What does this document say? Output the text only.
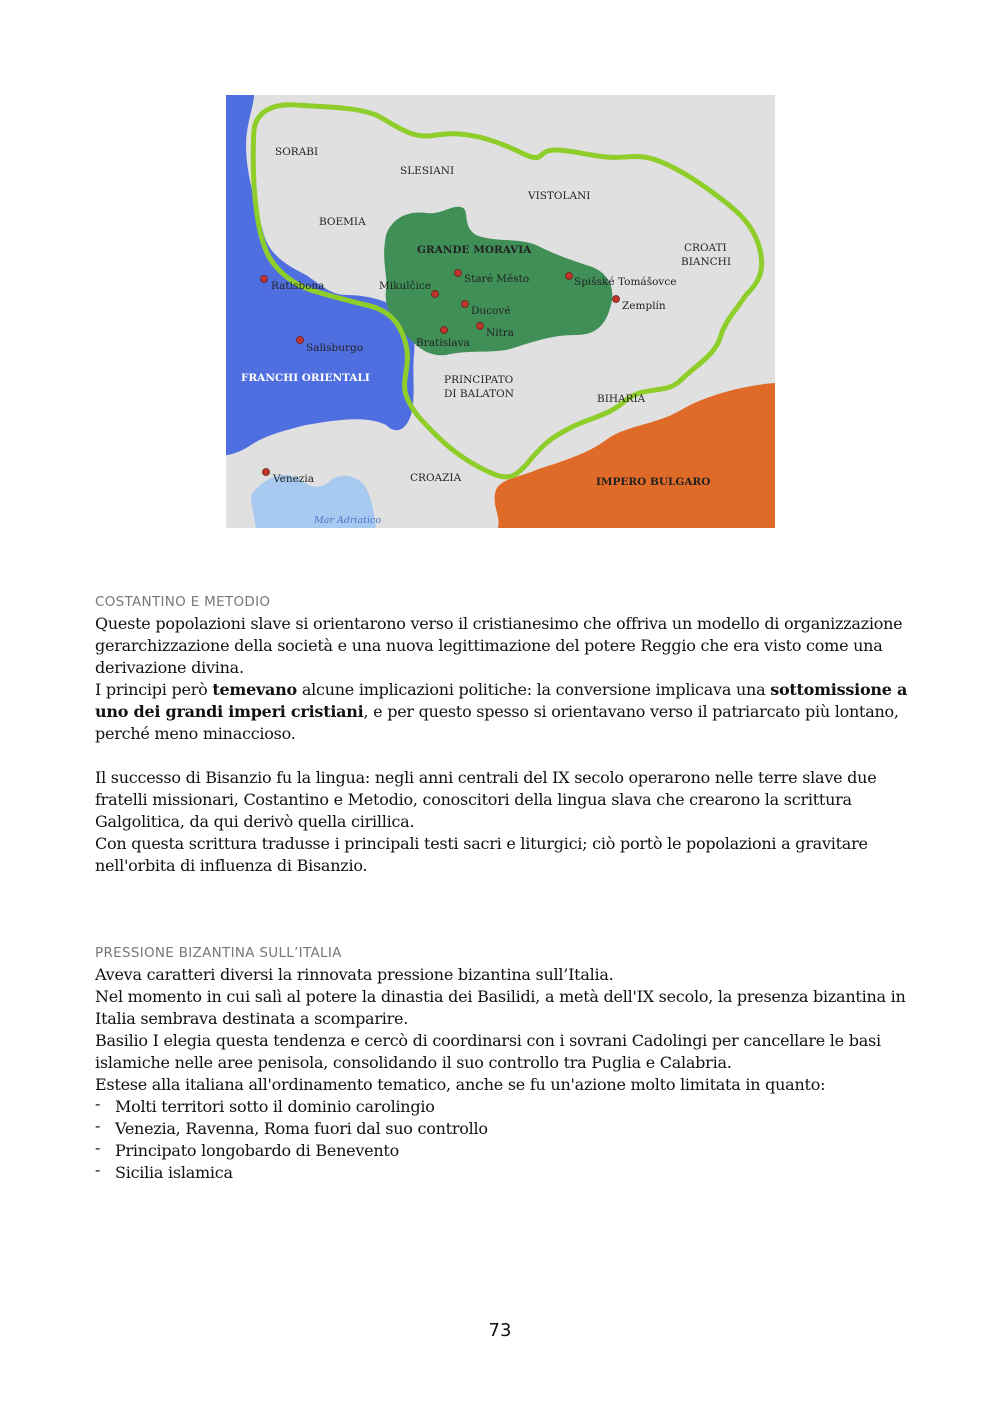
SORABI
SLESIANI
VISTOLANI
BOEMIA
GRANDE MORAVIA	CROATI
BIANCHI
FRANCHI ORIENTALI	PRINCIPATO
DI BALATON	BIHARIA
CROAZIA	IMPERO BULGARO
Mar Adriatico
Ratisbona
Salisburgo
Mikulčice
Staré Město
Ducové
Nitra
Bratislava
Spišské Tomášovce
Zemplín
Venezia
COSTANTINO E METODIO

Queste popolazioni slave si orientarono verso il cristianesimo che offriva un modello di organizzazione gerarchizzazione della società e una nuova legittimazione del potere Reggio che era visto come una derivazione divina.

I principi però temevano alcune implicazioni politiche: la conversione implicava una sottomissione a uno dei grandi imperi cristiani, e per questo spesso si orientavano verso il patriarcato più lontano, perché meno minaccioso.

Il successo di Bisanzio fu la lingua: negli anni centrali del IX secolo operarono nelle terre slave due fratelli missionari, Costantino e Metodio, conoscitori della lingua slava che crearono la scrittura Galgolitica, da qui derivò quella cirillica.

Con questa scrittura tradusse i principali testi sacri e liturgici; ciò portò le popolazioni a gravitare nell'orbita di influenza di Bisanzio.

PRESSIONE BIZANTINA SULL’ITALIA

Aveva caratteri diversi la rinnovata pressione bizantina sull’Italia.

Nel momento in cui salì al potere la dinastia dei Basilidi, a metà dell'IX secolo, la presenza bizantina in Italia sembrava destinata a scomparire.

Basilio I elegia questa tendenza e cercò di coordinarsi con i sovrani Cadolingi per cancellare le basi islamiche nelle aree penisola, consolidando il suo controllo tra Puglia e Calabria.

Estese alla italiana all'ordinamento tematico, anche se fu un'azione molto limitata in quanto:

- Molti territori sotto il dominio carolingio
- Venezia, Ravenna, Roma fuori dal suo controllo
- Principato longobardo di Benevento
- Sicilia islamica
73
